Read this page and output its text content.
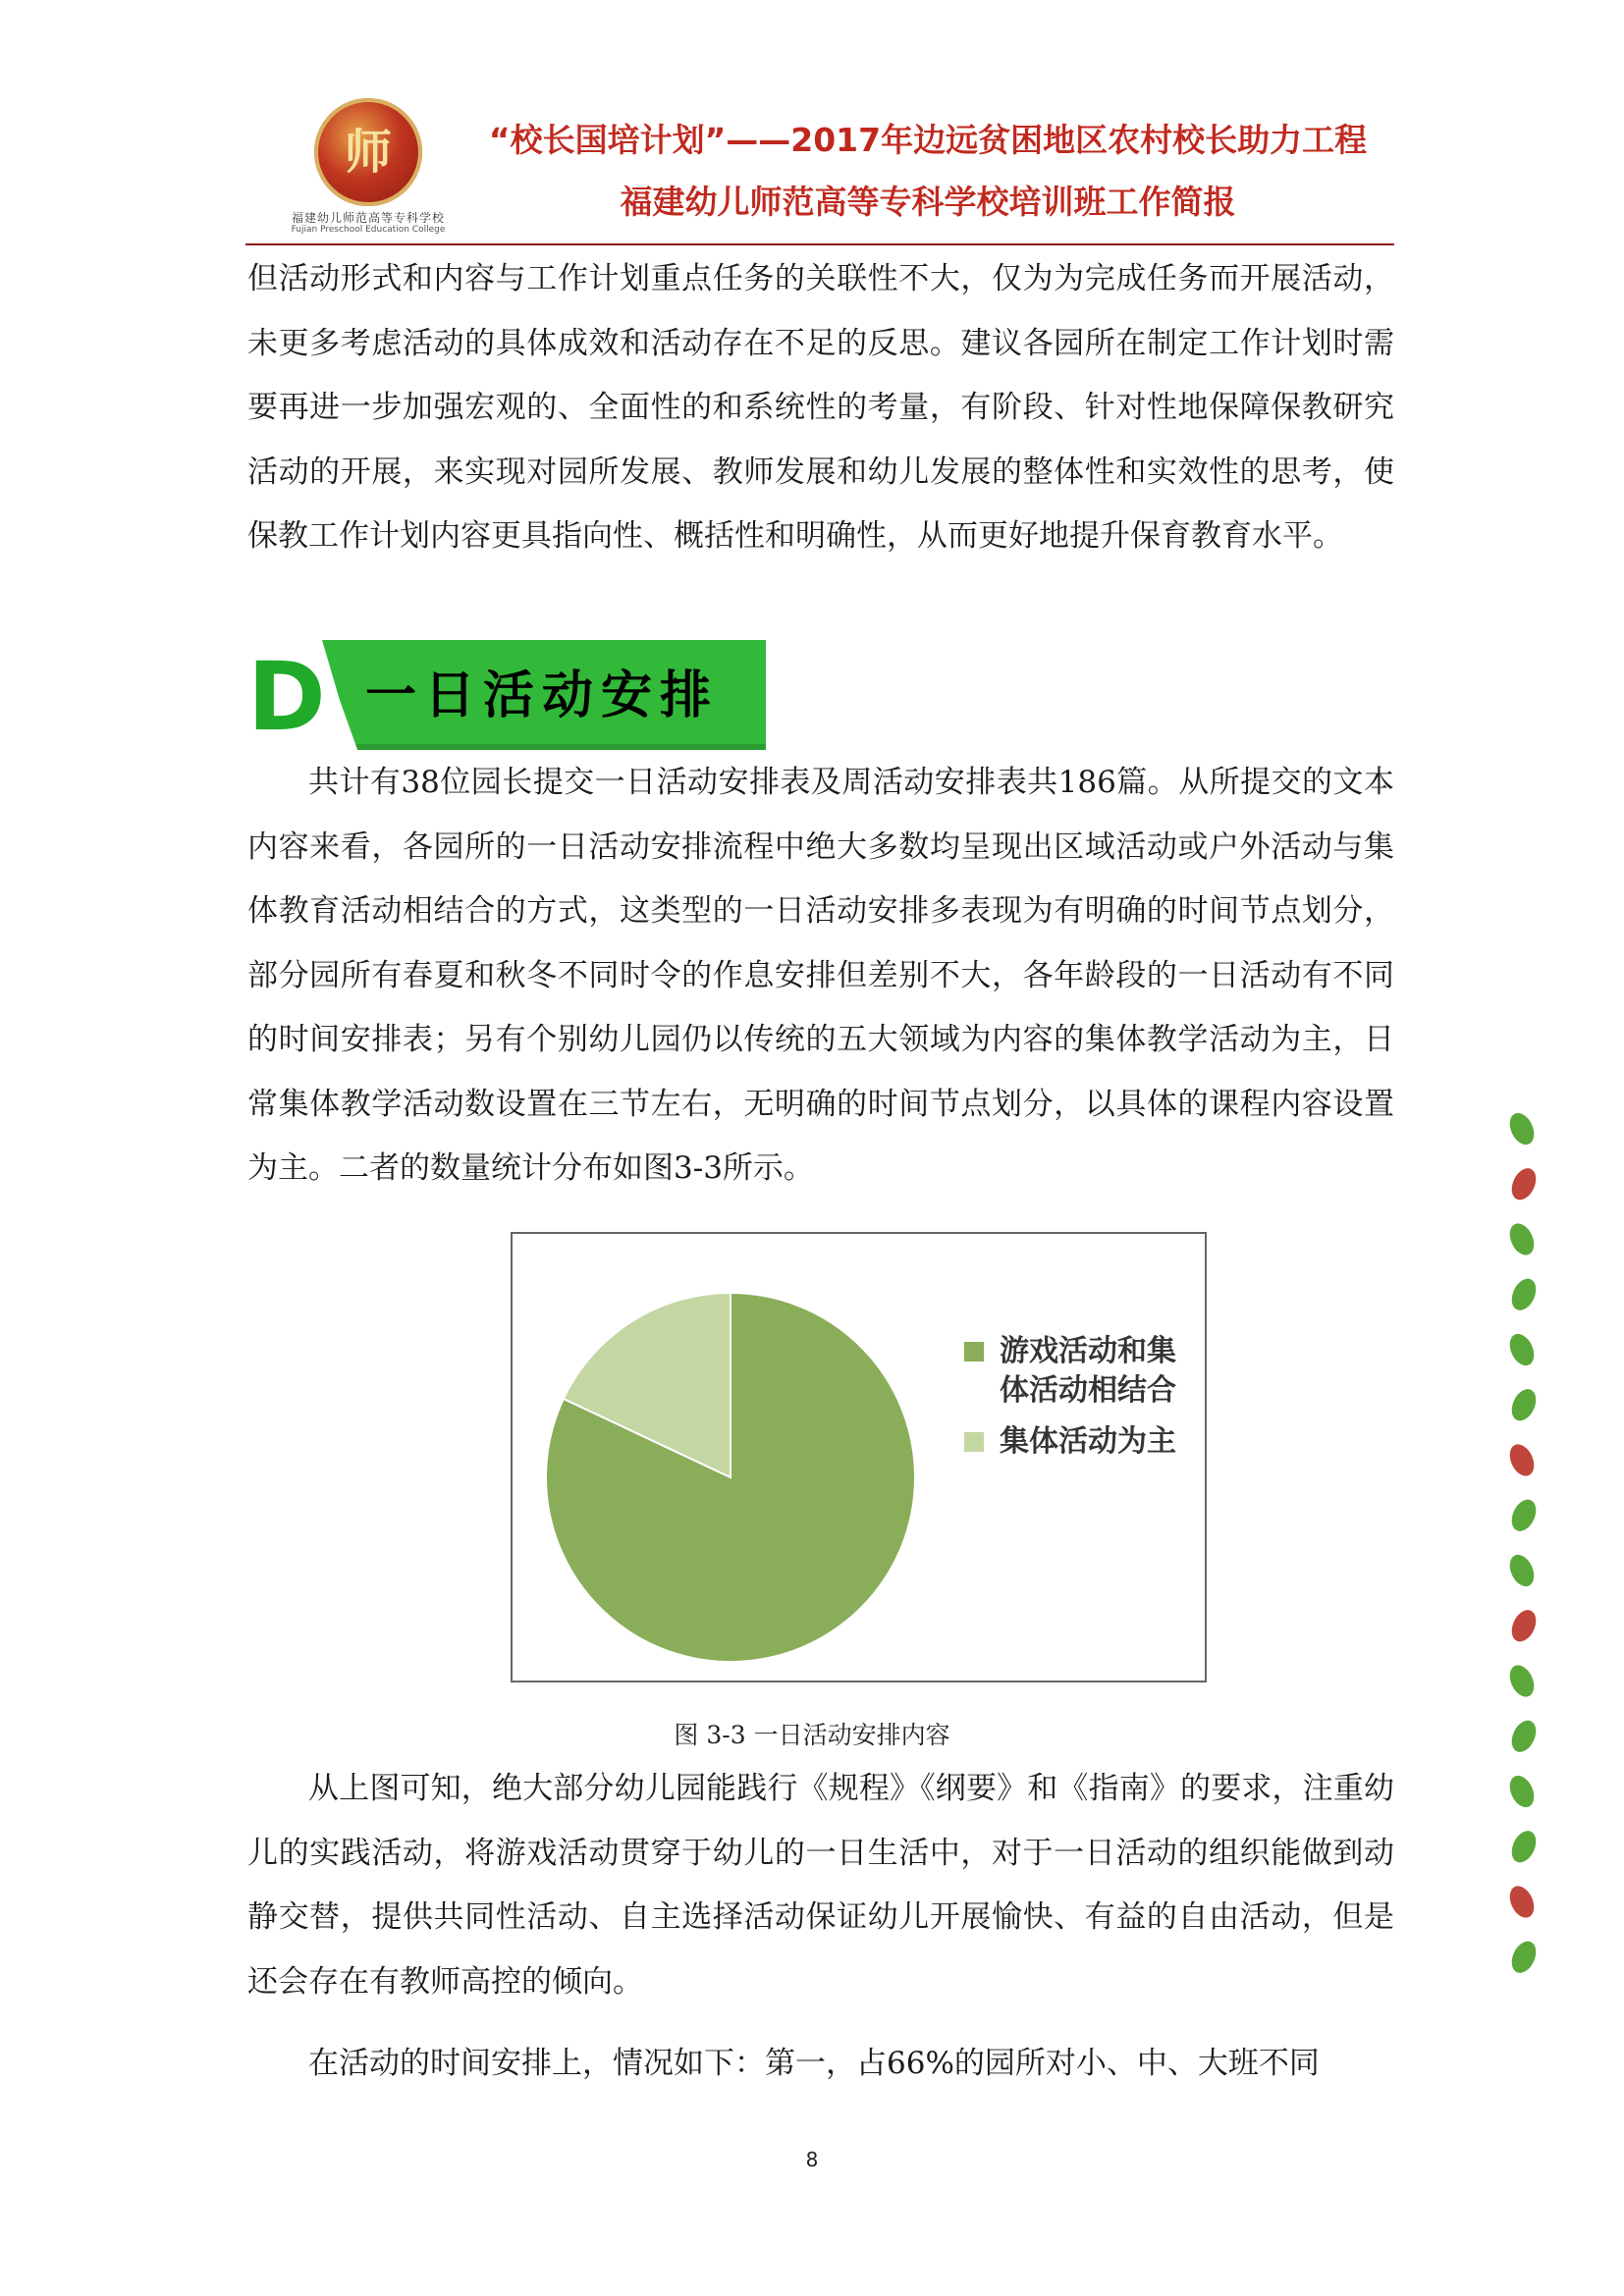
师
福建幼儿师范高等专科学校
Fujian Preschool Education College
“校长国培计划”——2017年边远贫困地区农村校长助力工程
福建幼儿师范高等专科学校培训班工作简报

但活动形式和内容与工作计划重点任务的关联性不大，仅为为完成任务而开展活动，未更多考虑活动的具体成效和活动存在不足的反思。建议各园所在制定工作计划时需要再进一步加强宏观的、全面性的和系统性的考量，有阶段、针对性地保障保教研究活动的开展，来实现对园所发展、教师发展和幼儿发展的整体性和实效性的思考，使保教工作计划内容更具指向性、概括性和明确性，从而更好地提升保育教育水平。

D 一日活动安排

共计有38位园长提交一日活动安排表及周活动安排表共186篇。从所提交的文本内容来看，各园所的一日活动安排流程中绝大多数均呈现出区域活动或户外活动与集体教育活动相结合的方式，这类型的一日活动安排多表现为有明确的时间节点划分，部分园所有春夏和秋冬不同时令的作息安排但差别不大，各年龄段的一日活动有不同的时间安排表；另有个别幼儿园仍以传统的五大领域为内容的集体教学活动为主，日常集体教学活动数设置在三节左右，无明确的时间节点划分，以具体的课程内容设置为主。二者的数量统计分布如图3-3所示。

游戏活动和集体活动相结合
集体活动为主
图 3-3 一日活动安排内容

从上图可知，绝大部分幼儿园能践行《规程》《纲要》和《指南》的要求，注重幼儿的实践活动，将游戏活动贯穿于幼儿的一日生活中，对于一日活动的组织能做到动静交替，提供共同性活动、自主选择活动保证幼儿开展愉快、有益的自由活动，但是还会存在有教师高控的倾向。

在活动的时间安排上，情况如下：第一，占66%的园所对小、中、大班不同

8
